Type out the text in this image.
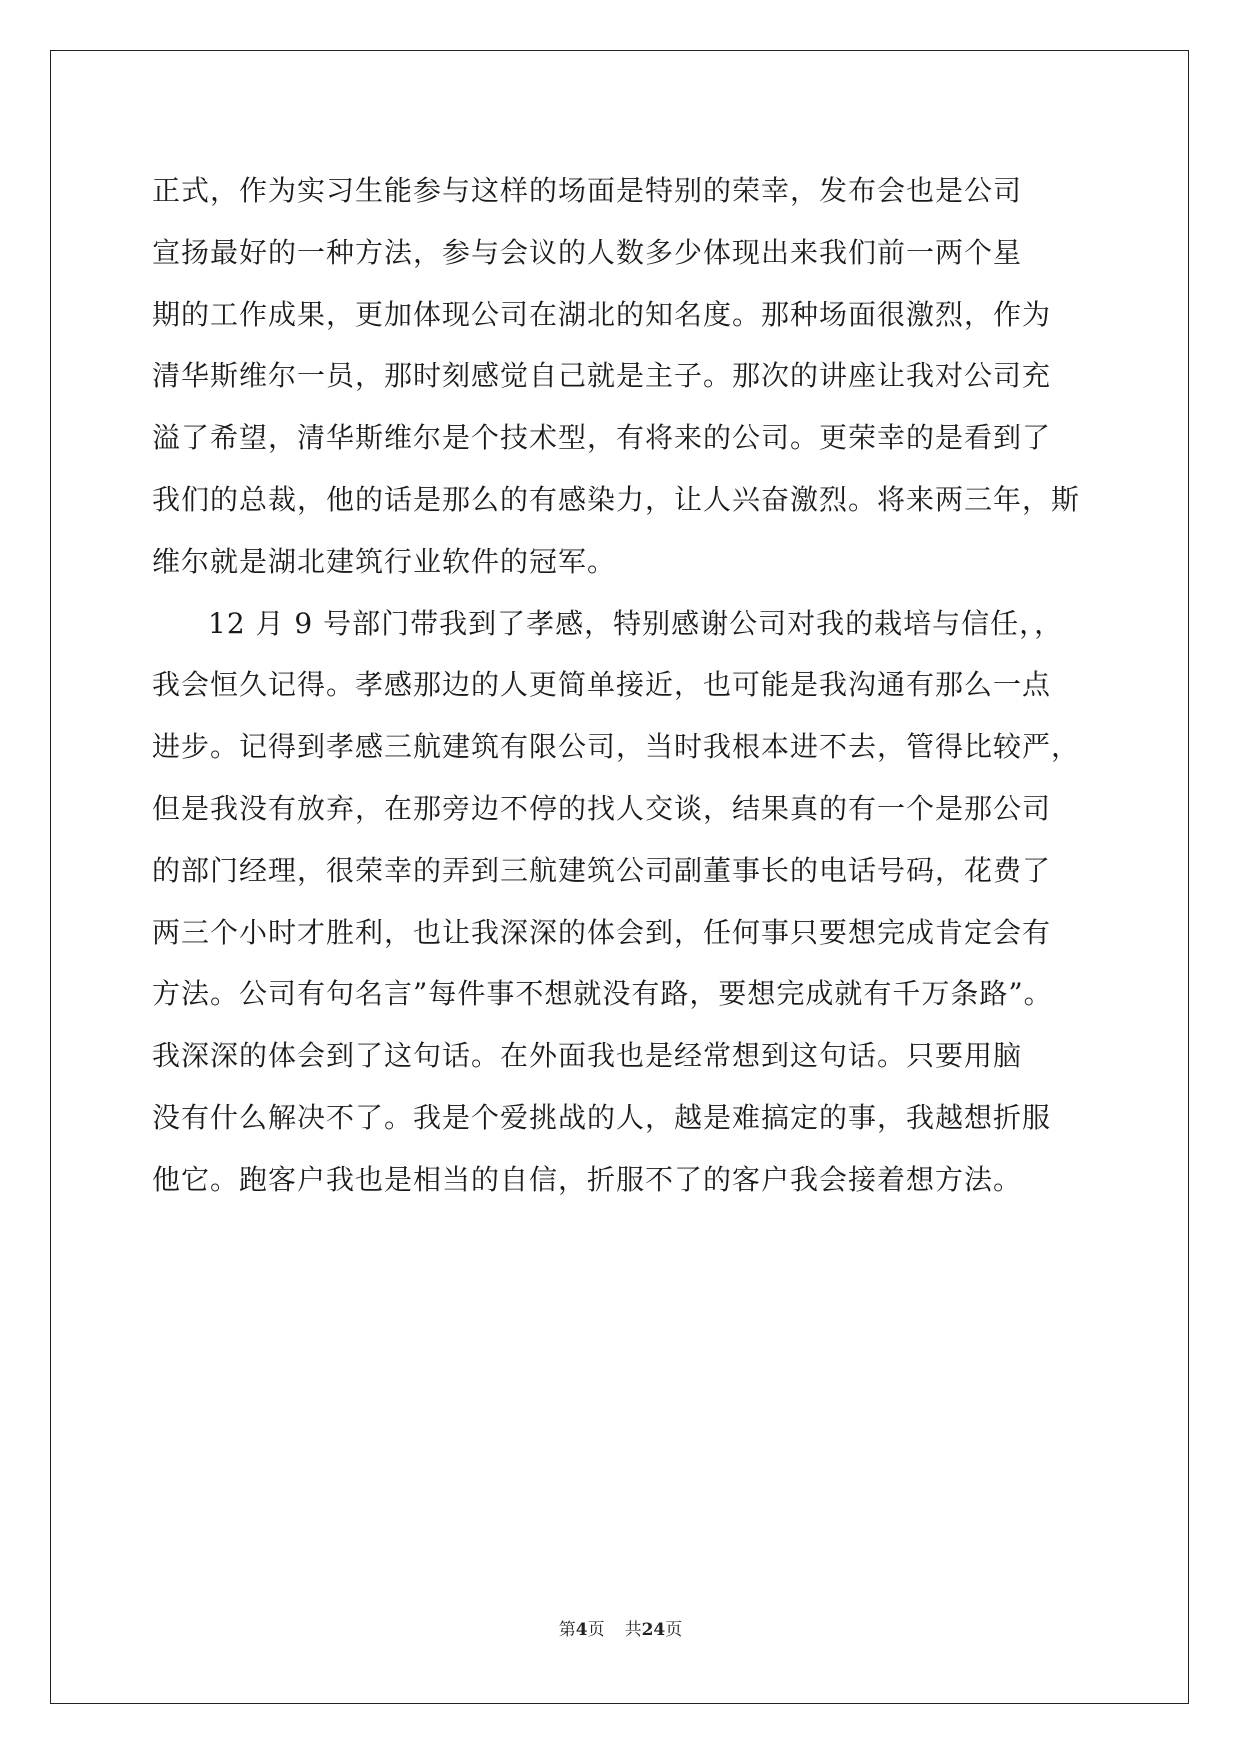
正式，作为实习生能参与这样的场面是特别的荣幸，发布会也是公司
宣扬最好的一种方法，参与会议的人数多少体现出来我们前一两个星
期的工作成果，更加体现公司在湖北的知名度。那种场面很激烈，作为
清华斯维尔一员，那时刻感觉自己就是主子。那次的讲座让我对公司充
溢了希望，清华斯维尔是个技术型，有将来的公司。更荣幸的是看到了
我们的总裁，他的话是那么的有感染力，让人兴奋激烈。将来两三年，斯
维尔就是湖北建筑行业软件的冠军。
12 月 9 号部门带我到了孝感，特别感谢公司对我的栽培与信任，，
我会恒久记得。孝感那边的人更简单接近，也可能是我沟通有那么一点
进步。记得到孝感三航建筑有限公司，当时我根本进不去，管得比较严，
但是我没有放弃，在那旁边不停的找人交谈，结果真的有一个是那公司
的部门经理，很荣幸的弄到三航建筑公司副董事长的电话号码，花费了
两三个小时才胜利，也让我深深的体会到，任何事只要想完成肯定会有
方法。公司有句名言”每件事不想就没有路，要想完成就有千万条路”。
我深深的体会到了这句话。在外面我也是经常想到这句话。只要用脑
没有什么解决不了。我是个爱挑战的人，越是难搞定的事，我越想折服
他它。跑客户我也是相当的自信，折服不了的客户我会接着想方法。
第4页 共24页
